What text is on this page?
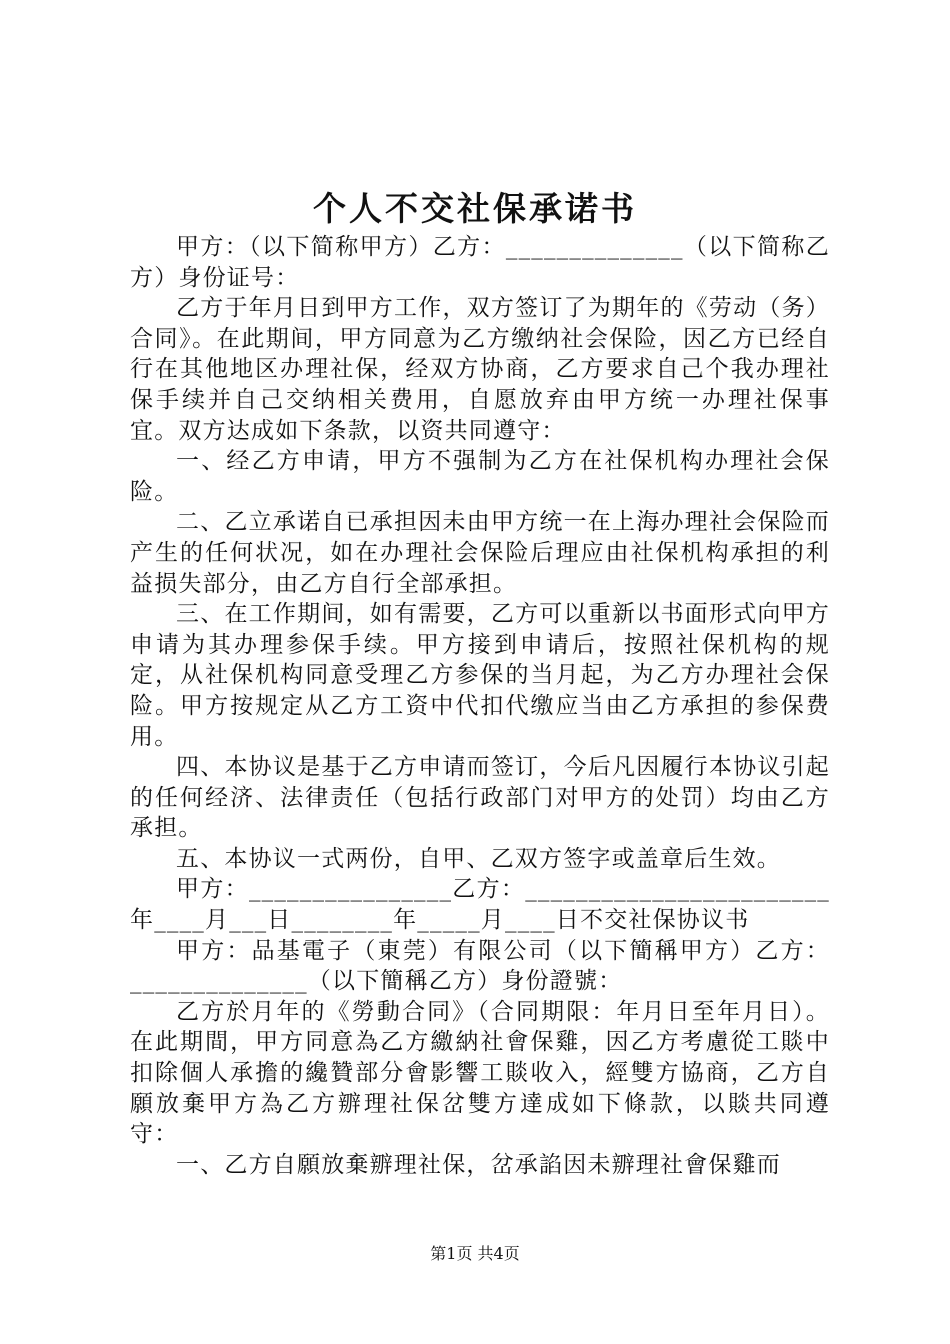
个人不交社保承诺书

甲方：（以下简称甲方）乙方：______________（以下简称乙方）身份证号：

乙方于年月日到甲方工作，双方签订了为期年的《劳动（务）合同》。在此期间，甲方同意为乙方缴纳社会保险，因乙方已经自行在其他地区办理社保，经双方协商，乙方要求自己个我办理社保手续并自己交纳相关费用，自愿放弃由甲方统一办理社保事宜。双方达成如下条款，以资共同遵守：

一、经乙方申请，甲方不强制为乙方在社保机构办理社会保险。

二、乙立承诺自已承担因未由甲方统一在上海办理社会保险而产生的任何状况，如在办理社会保险后理应由社保机构承担的利益损失部分，由乙方自行全部承担。

三、在工作期间，如有需要，乙方可以重新以书面形式向甲方申请为其办理参保手续。甲方接到申请后，按照社保机构的规定，从社保机构同意受理乙方参保的当月起，为乙方办理社会保险。甲方按规定从乙方工资中代扣代缴应当由乙方承担的参保费用。

四、本协议是基于乙方申请而签订，今后凡因履行本协议引起的任何经济、法律责任（包括行政部门对甲方的处罚）均由乙方承担。

五、本协议一式两份，自甲、乙双方签字或盖章后生效。

甲方：________________乙方：________________________年____月___日________年_____月____日不交社保协议书

甲方：品基電子（東莞）有限公司（以下簡稱甲方）乙方：______________（以下簡稱乙方）身份證號：

乙方於月年的《勞動合同》（合同期限：年月日至年月日）。在此期間，甲方同意為乙方繳納社會保雞，因乙方考慮從工賧中扣除個人承擔的纔贊部分會影響工賧收入，經雙方協商，乙方自願放棄甲方為乙方辧理社保岔雙方達成如下條款，以賧共同遵守：

一、乙方自願放棄辧理社保，岔承諂因未辧理社會保雞而

第1页 共4页
